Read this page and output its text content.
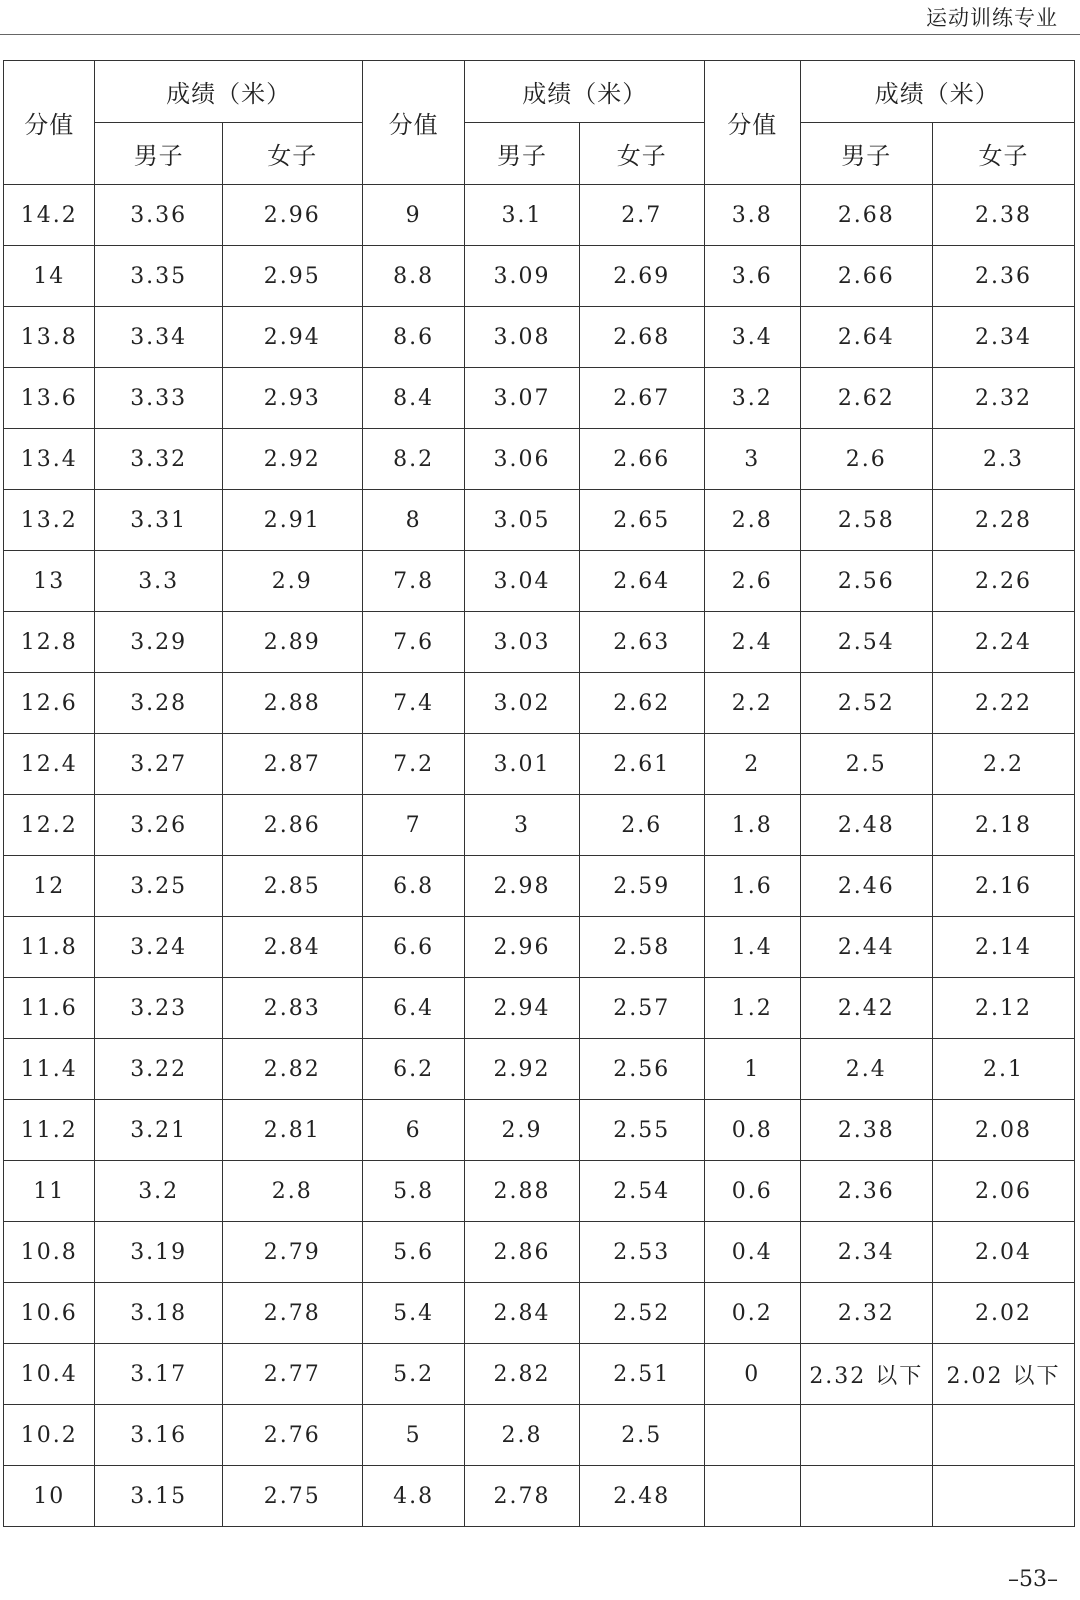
运动训练专业
分值	成绩（米）		分值	成绩（米）		分值	成绩（米）	
	男子	女子		男子	女子		男子	女子
14.2	3.36	2.96	9	3.1	2.7	3.8	2.68	2.38
14	3.35	2.95	8.8	3.09	2.69	3.6	2.66	2.36
13.8	3.34	2.94	8.6	3.08	2.68	3.4	2.64	2.34
13.6	3.33	2.93	8.4	3.07	2.67	3.2	2.62	2.32
13.4	3.32	2.92	8.2	3.06	2.66	3	2.6	2.3
13.2	3.31	2.91	8	3.05	2.65	2.8	2.58	2.28
13	3.3	2.9	7.8	3.04	2.64	2.6	2.56	2.26
12.8	3.29	2.89	7.6	3.03	2.63	2.4	2.54	2.24
12.6	3.28	2.88	7.4	3.02	2.62	2.2	2.52	2.22
12.4	3.27	2.87	7.2	3.01	2.61	2	2.5	2.2
12.2	3.26	2.86	7	3	2.6	1.8	2.48	2.18
12	3.25	2.85	6.8	2.98	2.59	1.6	2.46	2.16
11.8	3.24	2.84	6.6	2.96	2.58	1.4	2.44	2.14
11.6	3.23	2.83	6.4	2.94	2.57	1.2	2.42	2.12
11.4	3.22	2.82	6.2	2.92	2.56	1	2.4	2.1
11.2	3.21	2.81	6	2.9	2.55	0.8	2.38	2.08
11	3.2	2.8	5.8	2.88	2.54	0.6	2.36	2.06
10.8	3.19	2.79	5.6	2.86	2.53	0.4	2.34	2.04
10.6	3.18	2.78	5.4	2.84	2.52	0.2	2.32	2.02
10.4	3.17	2.77	5.2	2.82	2.51	0	2.32 以下	2.02 以下
10.2	3.16	2.76	5	2.8	2.5			
10	3.15	2.75	4.8	2.78	2.48			
–53–
